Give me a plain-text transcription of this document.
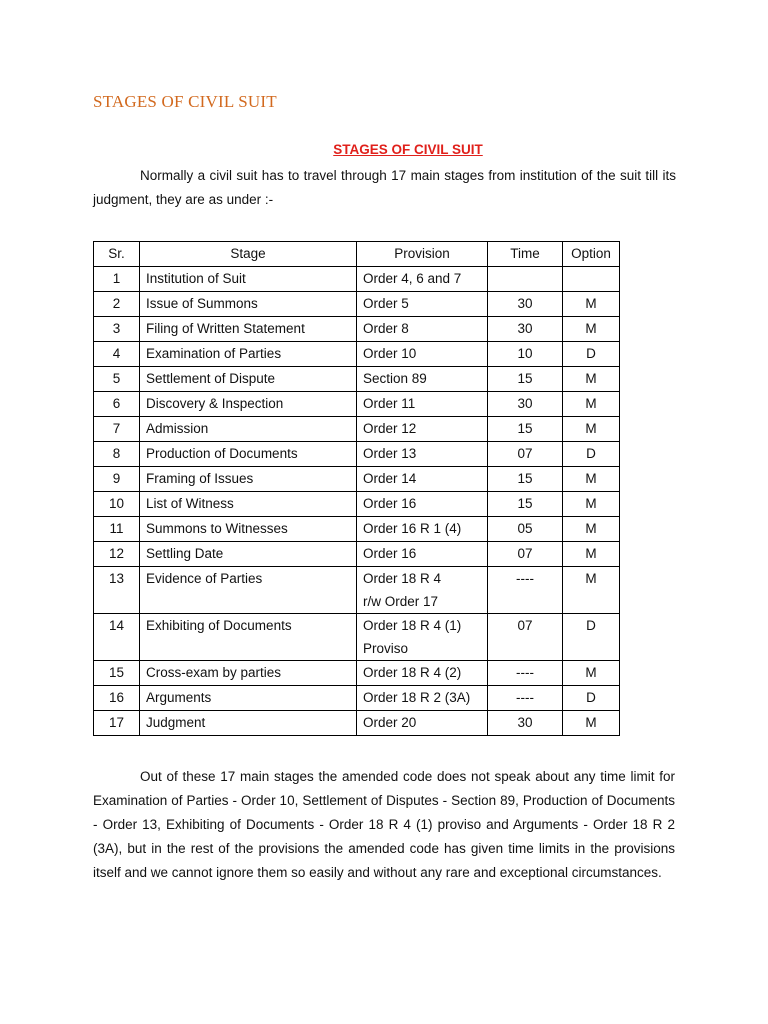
STAGES OF CIVIL SUIT
STAGES OF CIVIL SUIT
Normally a civil suit has to travel through 17 main stages from institution of the suit till its judgment, they are as under :-
Sr.	Stage	Provision	Time	Option
1	Institution of Suit	Order 4, 6 and 7		

2	Issue of Summons	Order 5	30	M
3	Filing of Written Statement	Order 8	30	M
4	Examination of Parties	Order 10	10	D
5	Settlement of Dispute	Section 89	15	M
6	Discovery & Inspection	Order 11	30	M
7	Admission	Order 12	15	M
8	Production of Documents	Order 13	07	D
9	Framing of Issues	Order 14	15	M
10	List of Witness	Order 16	15	M
11	Summons to Witnesses	Order 16 R 1 (4)	05	M
12	Settling Date	Order 16	07	M
13	Evidence of Parties	Order 18 R 4
r/w Order 17	----	M
14	Exhibiting of Documents	Order 18 R 4 (1)
Proviso	07	D
15	Cross-exam by parties	Order 18 R 4 (2)	----	M
16	Arguments	Order 18 R 2 (3A)	----	D
17	Judgment	Order 20	30	M
Out of these 17 main stages the amended code does not speak about any time limit for Examination of Parties - Order 10, Settlement of Disputes - Section 89, Production of Documents - Order 13, Exhibiting of Documents - Order 18 R 4 (1) proviso and Arguments - Order 18 R 2 (3A), but in the rest of the provisions the amended code has given time limits in the provisions itself and we cannot ignore them so easily and without any rare and exceptional circumstances.
